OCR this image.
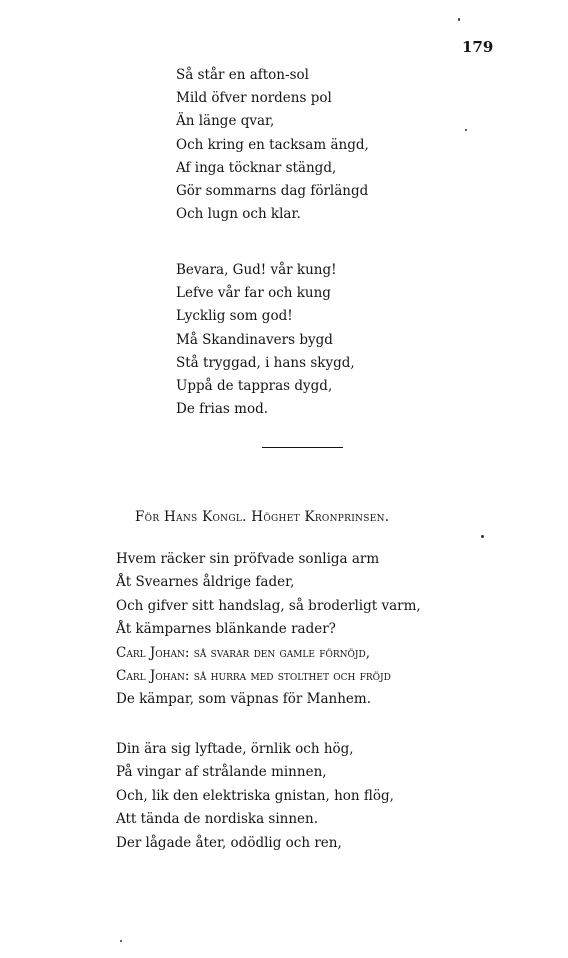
179
Så står en afton-sol
Mild öfver nordens pol
Än länge qvar,
Och kring en tacksam ängd,
Af inga töcknar stängd,
Gör sommarns dag förlängd
Och lugn och klar.
Bevara, Gud! vår kung!
Lefve vår far och kung
Lycklig som god!
Må Skandinavers bygd
Stå tryggad, i hans skygd,
Uppå de tappras dygd,
De frias mod.
För Hans Kongl. Höghet Kronprinsen.
Hvem räcker sin pröfvade sonliga arm
Åt Svearnes åldrige fader,
Och gifver sitt handslag, så broderligt varm,
Åt kämparnes blänkande rader?
Carl Johan: så svarar den gamle förnöjd,
Carl Johan: så hurra med stolthet och fröjd
De kämpar, som väpnas för Manhem.
Din ära sig lyftade, örnlik och hög,
På vingar af strålande minnen,
Och, lik den elektriska gnistan, hon flög,
Att tända de nordiska sinnen.
Der lågade åter, odödlig och ren,
